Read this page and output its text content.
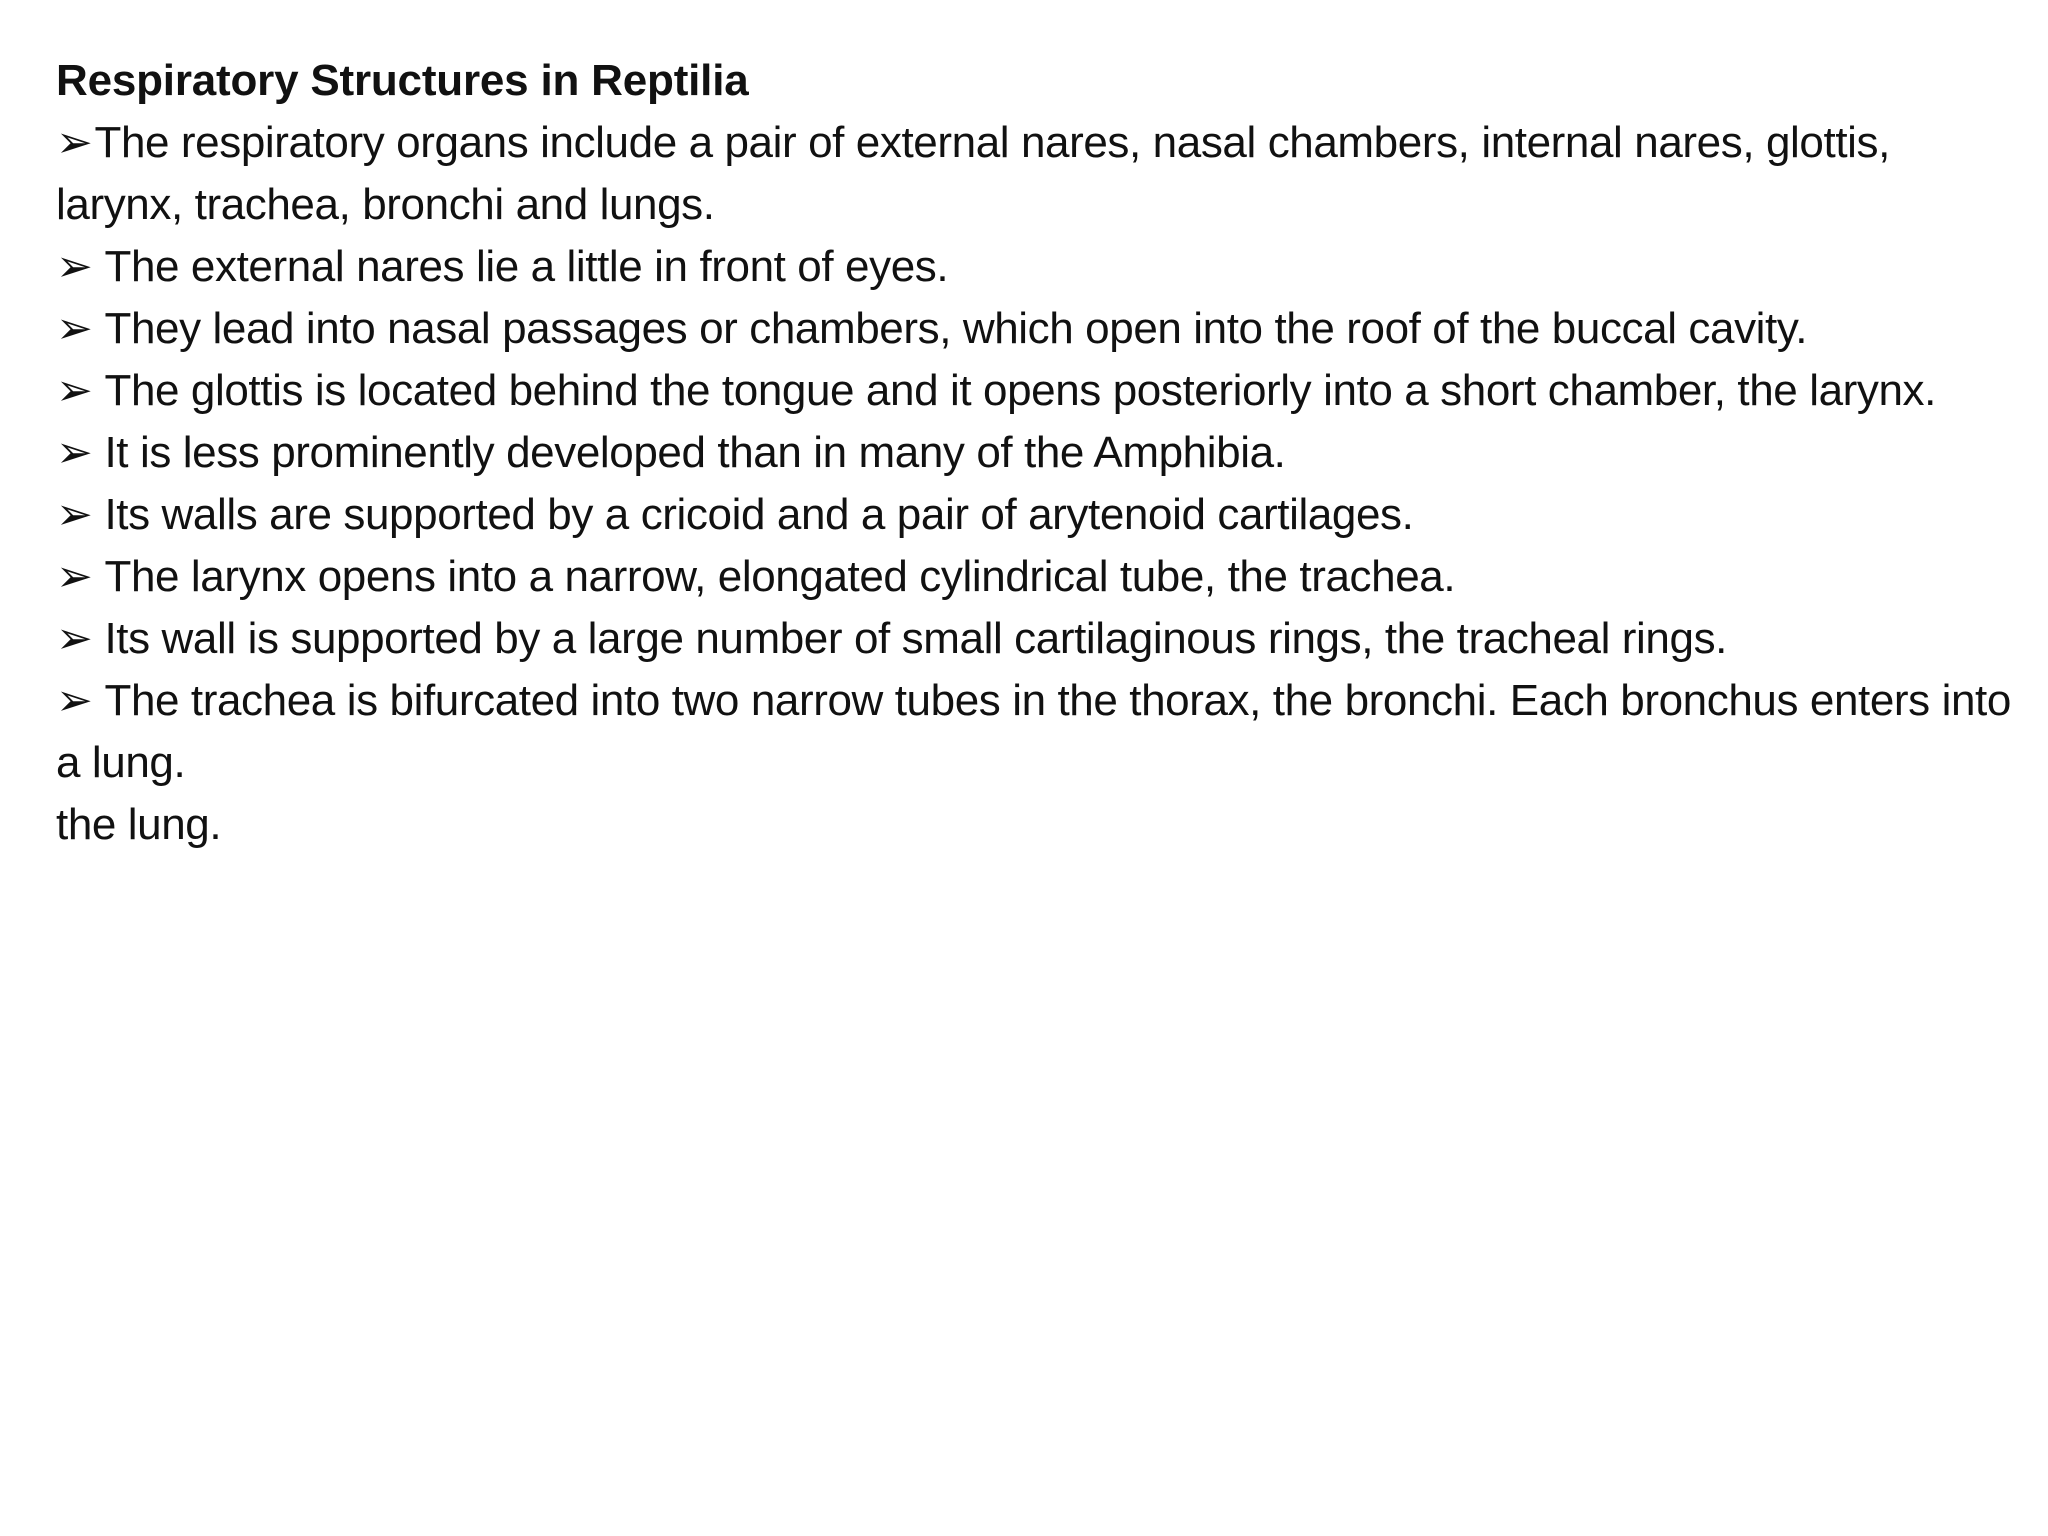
Respiratory Structures in Reptilia
➢The respiratory organs include a pair of external nares, nasal chambers, internal nares, glottis, larynx, trachea, bronchi and lungs.
➢ The external nares lie a little in front of eyes.
➢ They lead into nasal passages or chambers, which open into the roof of the buccal cavity.
➢ The glottis is located behind the tongue and it opens posteriorly into a short chamber, the larynx.
➢ It is less prominently developed than in many of the Amphibia.
➢ Its walls are supported by a cricoid and a pair of arytenoid cartilages.
➢ The larynx opens into a narrow, elongated cylindrical tube, the trachea.
➢ Its wall is supported by a large number of small cartilaginous rings, the tracheal rings.
➢ The trachea is bifurcated into two narrow tubes in the thorax, the bronchi. Each bronchus enters into a lung.

the lung.
